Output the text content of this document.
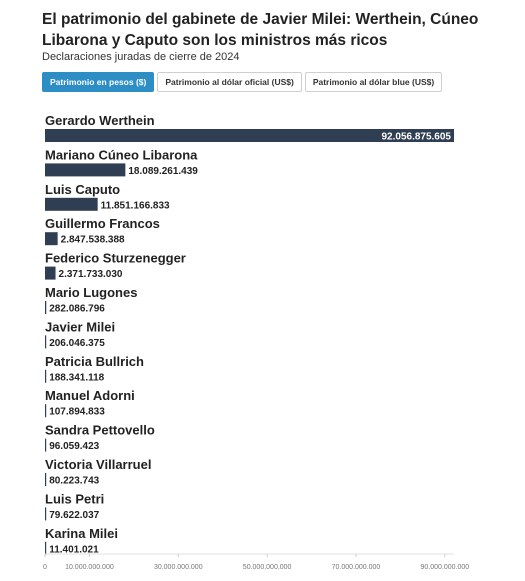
El patrimonio del gabinete de Javier Milei: Werthein, Cúneo Libarona y Caputo son los ministros más ricos
Declaraciones juradas de cierre de 2024
Patrimonio en pesos ($)	Patrimonio al dólar oficial (US$)	Patrimonio al dólar blue (US$)
Gerardo Werthein
92.056.875.605
Mariano Cúneo Libarona
18.089.261.439
Luis Caputo
11.851.166.833
Guillermo Francos
2.847.538.388
Federico Sturzenegger
2.371.733.030
Mario Lugones
282.086.796
Javier Milei
206.046.375
Patricia Bullrich
188.341.118
Manuel Adorni
107.894.833
Sandra Pettovello
96.059.423
Victoria Villarruel
80.223.743
Luis Petri
79.622.037
Karina Milei
11.401.021
0	10.000.000.000	30.000.000.000	50.000.000.000	70.000.000.000	90.000.000.000
